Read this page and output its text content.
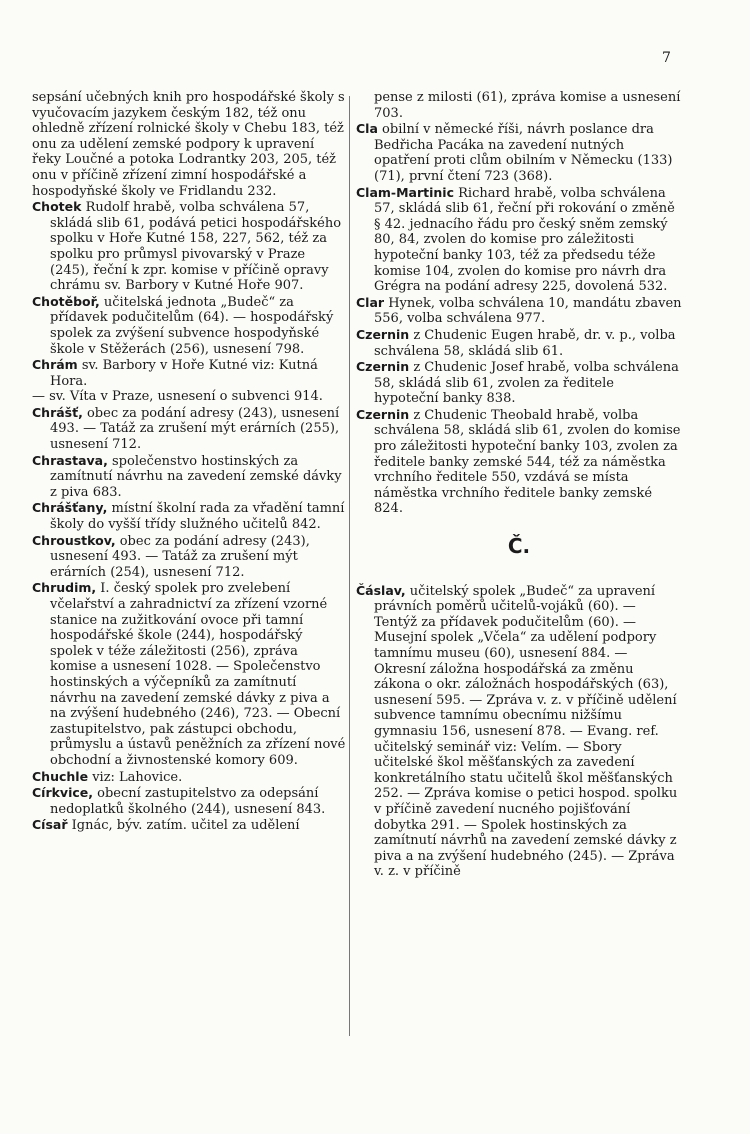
7

sepsání učebných knih pro hospodářské školy s vyučovacím jazykem českým 182, též onu ohledně zřízení rolnické školy v Chebu 183, též onu za udělení zemské podpory k upravení řeky Loučné a potoka Lodrantky 203, 205, též onu v příčině zřízení zimní hospodářské a hospodyňské školy ve Fridlandu 232.

Chotek Rudolf hrabě, volba schválena 57, skládá slib 61, podává petici hospodářského spolku v Hoře Kutné 158, 227, 562, též za spolku pro průmysl pivovarský v Praze (245), řeční k zpr. komise v příčině opravy chrámu sv. Barbory v Kutné Hoře 907.

Chotěboř, učitelská jednota „Budeč“ za přídavek podučitelům (64). — hospodářský spolek za zvýšení subvence hospodyňské škole v Stěžerách (256), usnesení 798.

Chrám sv. Barbory v Hoře Kutné viz: Kutná Hora.

— sv. Víta v Praze, usnesení o subvenci 914.

Chrášť, obec za podání adresy (243), usnesení 493. — Tatáž za zrušení mýt erárních (255), usnesení 712.

Chrastava, společenstvo hostinských za zamítnutí návrhu na zavedení zemské dávky z piva 683.

Chrášťany, místní školní rada za vřadění tamní školy do vyšší třídy služného učitelů 842.

Chroustkov, obec za podání adresy (243), usnesení 493. — Tatáž za zrušení mýt erárních (254), usnesení 712.

Chrudim, I. český spolek pro zvelebení včelařství a zahradnictví za zřízení vzorné stanice na zužitkování ovoce při tamní hospodářské škole (244), hospodářský spolek v téže záležitosti (256), zpráva komise a usnesení 1028. — Společenstvo hostinských a výčepníků za zamítnutí návrhu na zavedení zemské dávky z piva a na zvýšení hudebného (246), 723. — Obecní zastupitelstvo, pak zástupci obchodu, průmyslu a ústavů peněžních za zřízení nové obchodní a živnostenské komory 609.

Chuchle viz: Lahovice.

Církvice, obecní zastupitelstvo za odepsání nedoplatků školného (244), usnesení 843.

Císař Ignác, býv. zatím. učitel za udělení

pense z milosti (61), zpráva komise a usnesení 703.

Cla obilní v německé říši, návrh poslance dra Bedřicha Pacáka na zavedení nutných opatření proti clům obilním v Německu (133) (71), první čtení 723 (368).

Clam-Martinic Richard hrabě, volba schválena 57, skládá slib 61, řeční při rokování o změně § 42. jednacího řádu pro český sněm zemský 80, 84, zvolen do komise pro záležitosti hypoteční banky 103, též za předsedu téže komise 104, zvolen do komise pro návrh dra Grégra na podání adresy 225, dovolená 532.

Clar Hynek, volba schválena 10, mandátu zbaven 556, volba schválena 977.

Czernin z Chudenic Eugen hrabě, dr. v. p., volba schválena 58, skládá slib 61.

Czernin z Chudenic Josef hrabě, volba schválena 58, skládá slib 61, zvolen za ředitele hypoteční banky 838.

Czernin z Chudenic Theobald hrabě, volba schválena 58, skládá slib 61, zvolen do komise pro záležitosti hypoteční banky 103, zvolen za ředitele banky zemské 544, též za náměstka vrchního ředitele 550, vzdává se místa náměstka vrchního ředitele banky zemské 824.

Č.

Čáslav, učitelský spolek „Budeč“ za upravení právních poměrů učitelů-vojáků (60). — Tentýž za přídavek podučitelům (60). — Musejní spolek „Včela“ za udělení podpory tamnímu museu (60), usnesení 884. — Okresní záložna hospodářská za změnu zákona o okr. záložnách hospodářských (63), usnesení 595. — Zpráva v. z. v příčině udělení subvence tamnímu obecnímu nižšímu gymnasiu 156, usnesení 878. — Evang. ref. učitelský seminář viz: Velím. — Sbory učitelské škol měšťanských za zavedení konkretálního statu učitelů škol měšťanských 252. — Zpráva komise o petici hospod. spolku v příčině zavedení nucného pojišťování dobytka 291. — Spolek hostinských za zamítnutí návrhů na zavedení zemské dávky z piva a na zvýšení hudebného (245). — Zpráva v. z. v příčině
